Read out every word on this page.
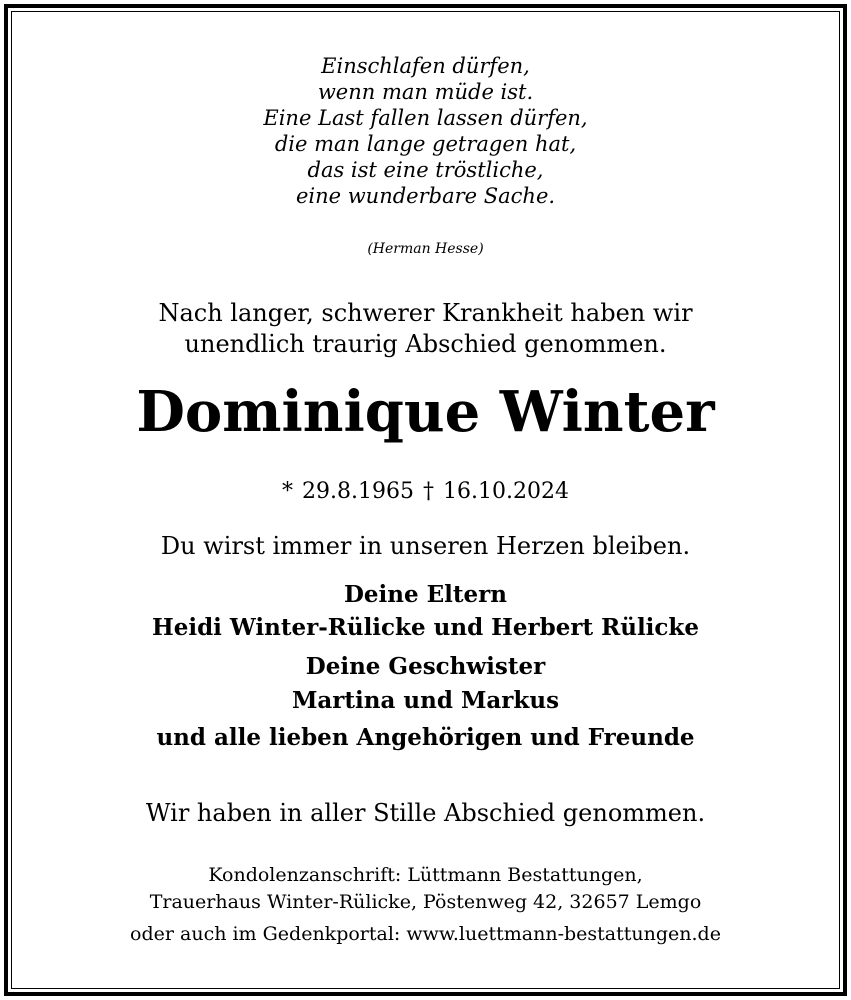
Einschlafen dürfen,
wenn man müde ist.
Eine Last fallen lassen dürfen,
die man lange getragen hat,
das ist eine tröstliche,
eine wunderbare Sache.
(Herman Hesse)
Nach langer, schwerer Krankheit haben wir
unendlich traurig Abschied genommen.
Dominique Winter
* 29.8.1965 † 16.10.2024
Du wirst immer in unseren Herzen bleiben.
Deine Eltern
Heidi Winter-Rülicke und Herbert Rülicke
Deine Geschwister
Martina und Markus
und alle lieben Angehörigen und Freunde
Wir haben in aller Stille Abschied genommen.
Kondolenzanschrift: Lüttmann Bestattungen,
Trauerhaus Winter-Rülicke, Pöstenweg 42, 32657 Lemgo
oder auch im Gedenkportal: www.luettmann-bestattungen.de
